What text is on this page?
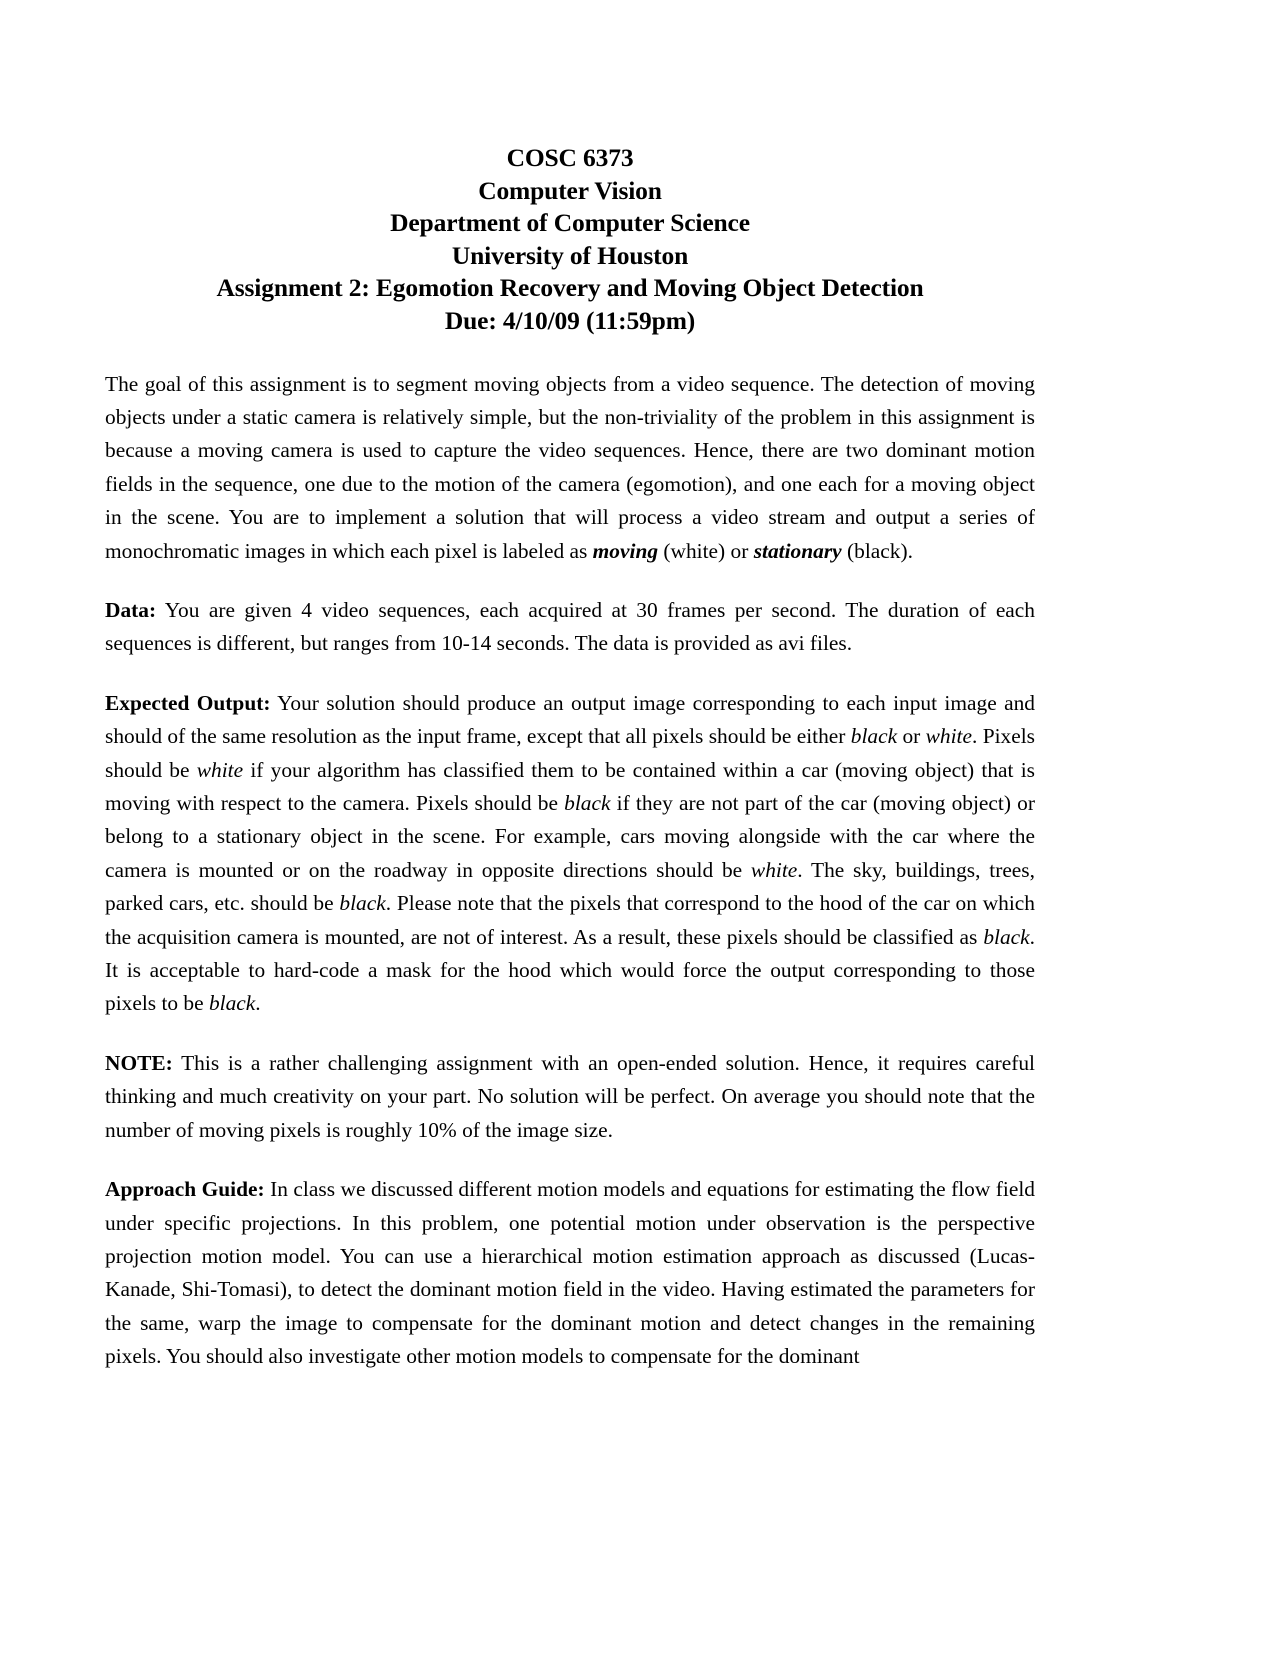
COSC 6373
Computer Vision
Department of Computer Science
University of Houston
Assignment 2: Egomotion Recovery and Moving Object Detection
Due: 4/10/09 (11:59pm)

The goal of this assignment is to segment moving objects from a video sequence. The detection of moving objects under a static camera is relatively simple, but the non-triviality of the problem in this assignment is because a moving camera is used to capture the video sequences. Hence, there are two dominant motion fields in the sequence, one due to the motion of the camera (egomotion), and one each for a moving object in the scene. You are to implement a solution that will process a video stream and output a series of monochromatic images in which each pixel is labeled as moving (white) or stationary (black).

Data: You are given 4 video sequences, each acquired at 30 frames per second. The duration of each sequences is different, but ranges from 10-14 seconds. The data is provided as avi files.

Expected Output: Your solution should produce an output image corresponding to each input image and should of the same resolution as the input frame, except that all pixels should be either black or white. Pixels should be white if your algorithm has classified them to be contained within a car (moving object) that is moving with respect to the camera. Pixels should be black if they are not part of the car (moving object) or belong to a stationary object in the scene. For example, cars moving alongside with the car where the camera is mounted or on the roadway in opposite directions should be white. The sky, buildings, trees, parked cars, etc. should be black. Please note that the pixels that correspond to the hood of the car on which the acquisition camera is mounted, are not of interest. As a result, these pixels should be classified as black. It is acceptable to hard-code a mask for the hood which would force the output corresponding to those pixels to be black.

NOTE: This is a rather challenging assignment with an open-ended solution. Hence, it requires careful thinking and much creativity on your part. No solution will be perfect. On average you should note that the number of moving pixels is roughly 10% of the image size.

Approach Guide: In class we discussed different motion models and equations for estimating the flow field under specific projections. In this problem, one potential motion under observation is the perspective projection motion model. You can use a hierarchical motion estimation approach as discussed (Lucas-Kanade, Shi-Tomasi), to detect the dominant motion field in the video. Having estimated the parameters for the same, warp the image to compensate for the dominant motion and detect changes in the remaining pixels. You should also investigate other motion models to compensate for the dominant
